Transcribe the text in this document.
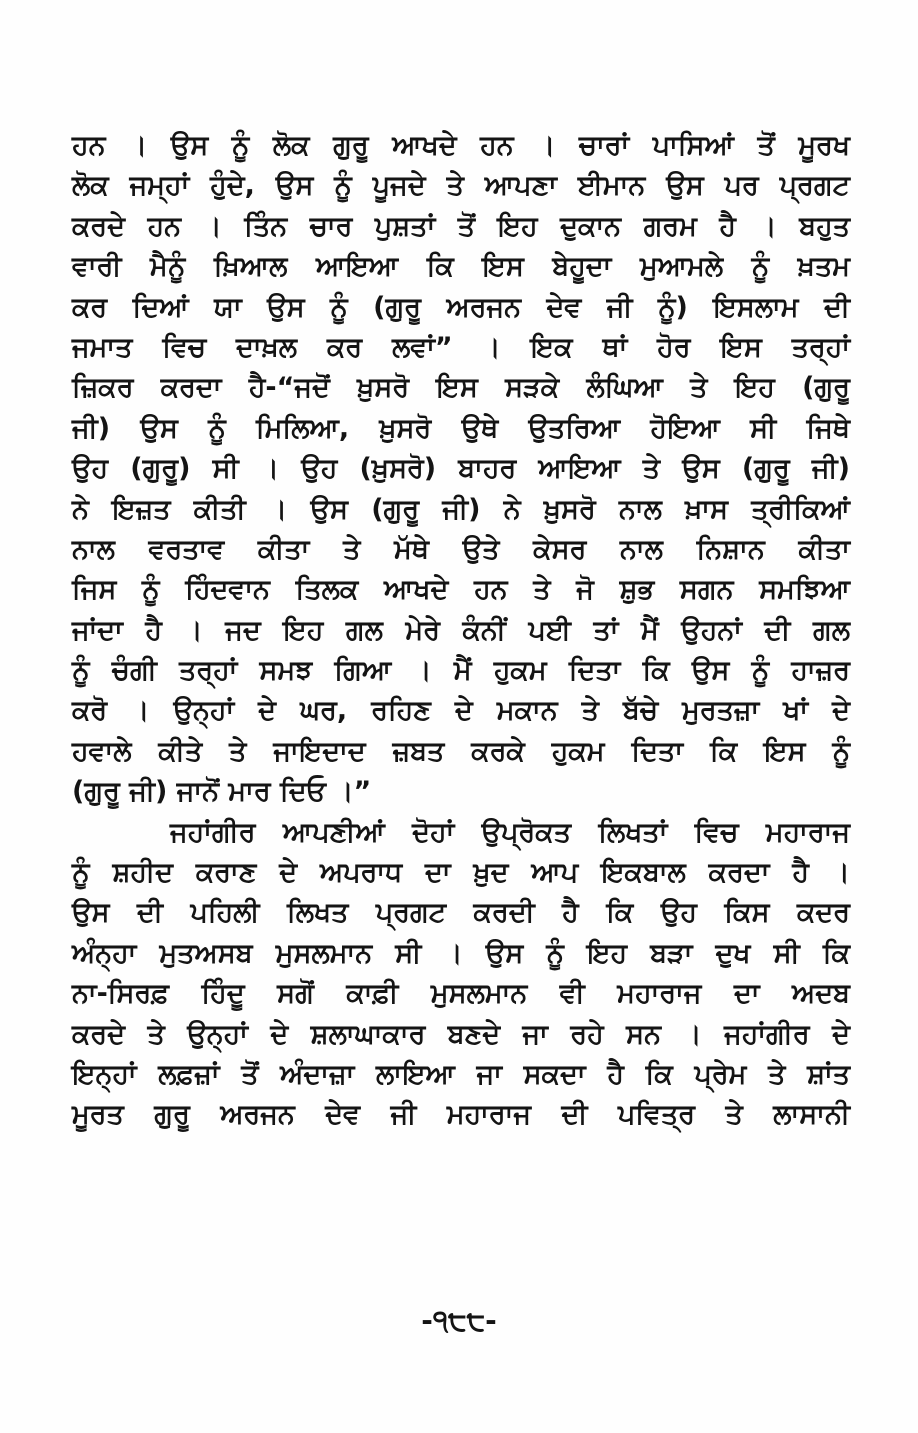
ਹਨ । ਉਸ ਨੂੰ ਲੋਕ ਗੁਰੂ ਆਖਦੇ ਹਨ । ਚਾਰਾਂ ਪਾਸਿਆਂ ਤੋਂ ਮੂਰਖ
ਲੋਕ ਜਮ੍ਹਾਂ ਹੁੰਦੇ, ਉਸ ਨੂੰ ਪੂਜਦੇ ਤੇ ਆਪਣਾ ਈਮਾਨ ਉਸ ਪਰ ਪ੍ਰਗਟ
ਕਰਦੇ ਹਨ । ਤਿੰਨ ਚਾਰ ਪੁਸ਼ਤਾਂ ਤੋਂ ਇਹ ਦੁਕਾਨ ਗਰਮ ਹੈ । ਬਹੁਤ
ਵਾਰੀ ਮੈਨੂੰ ਖ਼ਿਆਲ ਆਇਆ ਕਿ ਇਸ ਬੇਹੂਦਾ ਮੁਆਮਲੇ ਨੂੰ ਖ਼ਤਮ
ਕਰ ਦਿਆਂ ਯਾ ਉਸ ਨੂੰ (ਗੁਰੂ ਅਰਜਨ ਦੇਵ ਜੀ ਨੂੰ) ਇਸਲਾਮ ਦੀ
ਜਮਾਤ ਵਿਚ ਦਾਖ਼ਲ ਕਰ ਲਵਾਂ” । ਇਕ ਥਾਂ ਹੋਰ ਇਸ ਤਰ੍ਹਾਂ
ਜ਼ਿਕਰ ਕਰਦਾ ਹੈ-“ਜਦੋਂ ਖ਼ੁਸਰੋ ਇਸ ਸੜਕੇ ਲੰਘਿਆ ਤੇ ਇਹ (ਗੁਰੂ
ਜੀ) ਉਸ ਨੂੰ ਮਿਲਿਆ, ਖ਼ੁਸਰੋ ਉਥੇ ਉਤਰਿਆ ਹੋਇਆ ਸੀ ਜਿਥੇ
ਉਹ (ਗੁਰੂ) ਸੀ । ਉਹ (ਖ਼ੁਸਰੋ) ਬਾਹਰ ਆਇਆ ਤੇ ਉਸ (ਗੁਰੂ ਜੀ)
ਨੇ ਇਜ਼ਤ ਕੀਤੀ । ਉਸ (ਗੁਰੂ ਜੀ) ਨੇ ਖ਼ੁਸਰੋ ਨਾਲ ਖ਼ਾਸ ਤ੍ਰੀਕਿਆਂ
ਨਾਲ ਵਰਤਾਵ ਕੀਤਾ ਤੇ ਮੱਥੇ ਉਤੇ ਕੇਸਰ ਨਾਲ ਨਿਸ਼ਾਨ ਕੀਤਾ
ਜਿਸ ਨੂੰ ਹਿੰਦਵਾਨ ਤਿਲਕ ਆਖਦੇ ਹਨ ਤੇ ਜੋ ਸ਼ੁਭ ਸਗਨ ਸਮਝਿਆ
ਜਾਂਦਾ ਹੈ । ਜਦ ਇਹ ਗਲ ਮੇਰੇ ਕੰਨੀਂ ਪਈ ਤਾਂ ਮੈਂ ਉਹਨਾਂ ਦੀ ਗਲ
ਨੂੰ ਚੰਗੀ ਤਰ੍ਹਾਂ ਸਮਝ ਗਿਆ । ਮੈਂ ਹੁਕਮ ਦਿਤਾ ਕਿ ਉਸ ਨੂੰ ਹਾਜ਼ਰ
ਕਰੋ । ਉਨ੍ਹਾਂ ਦੇ ਘਰ, ਰਹਿਣ ਦੇ ਮਕਾਨ ਤੇ ਬੱਚੇ ਮੁਰਤਜ਼ਾ ਖਾਂ ਦੇ
ਹਵਾਲੇ ਕੀਤੇ ਤੇ ਜਾਇਦਾਦ ਜ਼ਬਤ ਕਰਕੇ ਹੁਕਮ ਦਿਤਾ ਕਿ ਇਸ ਨੂੰ
(ਗੁਰੂ ਜੀ) ਜਾਨੋਂ ਮਾਰ ਦਿਓ ।”
ਜਹਾਂਗੀਰ ਆਪਣੀਆਂ ਦੋਹਾਂ ਉਪ੍ਰੋਕਤ ਲਿਖਤਾਂ ਵਿਚ ਮਹਾਰਾਜ
ਨੂੰ ਸ਼ਹੀਦ ਕਰਾਣ ਦੇ ਅਪਰਾਧ ਦਾ ਖ਼ੁਦ ਆਪ ਇਕਬਾਲ ਕਰਦਾ ਹੈ ।
ਉਸ ਦੀ ਪਹਿਲੀ ਲਿਖਤ ਪ੍ਰਗਟ ਕਰਦੀ ਹੈ ਕਿ ਉਹ ਕਿਸ ਕਦਰ
ਅੰਨ੍ਹਾ ਮੁਤਅਸਬ ਮੁਸਲਮਾਨ ਸੀ । ਉਸ ਨੂੰ ਇਹ ਬੜਾ ਦੁਖ ਸੀ ਕਿ
ਨਾ-ਸਿਰਫ਼ ਹਿੰਦੂ ਸਗੋਂ ਕਾਫ਼ੀ ਮੁਸਲਮਾਨ ਵੀ ਮਹਾਰਾਜ ਦਾ ਅਦਬ
ਕਰਦੇ ਤੇ ਉਨ੍ਹਾਂ ਦੇ ਸ਼ਲਾਘਾਕਾਰ ਬਣਦੇ ਜਾ ਰਹੇ ਸਨ । ਜਹਾਂਗੀਰ ਦੇ
ਇਨ੍ਹਾਂ ਲਫ਼ਜ਼ਾਂ ਤੋਂ ਅੰਦਾਜ਼ਾ ਲਾਇਆ ਜਾ ਸਕਦਾ ਹੈ ਕਿ ਪ੍ਰੇਮ ਤੇ ਸ਼ਾਂਤ
ਮੂਰਤ ਗੁਰੂ ਅਰਜਨ ਦੇਵ ਜੀ ਮਹਾਰਾਜ ਦੀ ਪਵਿਤ੍ਰ ਤੇ ਲਾਸਾਨੀ
-੧੮੮-
